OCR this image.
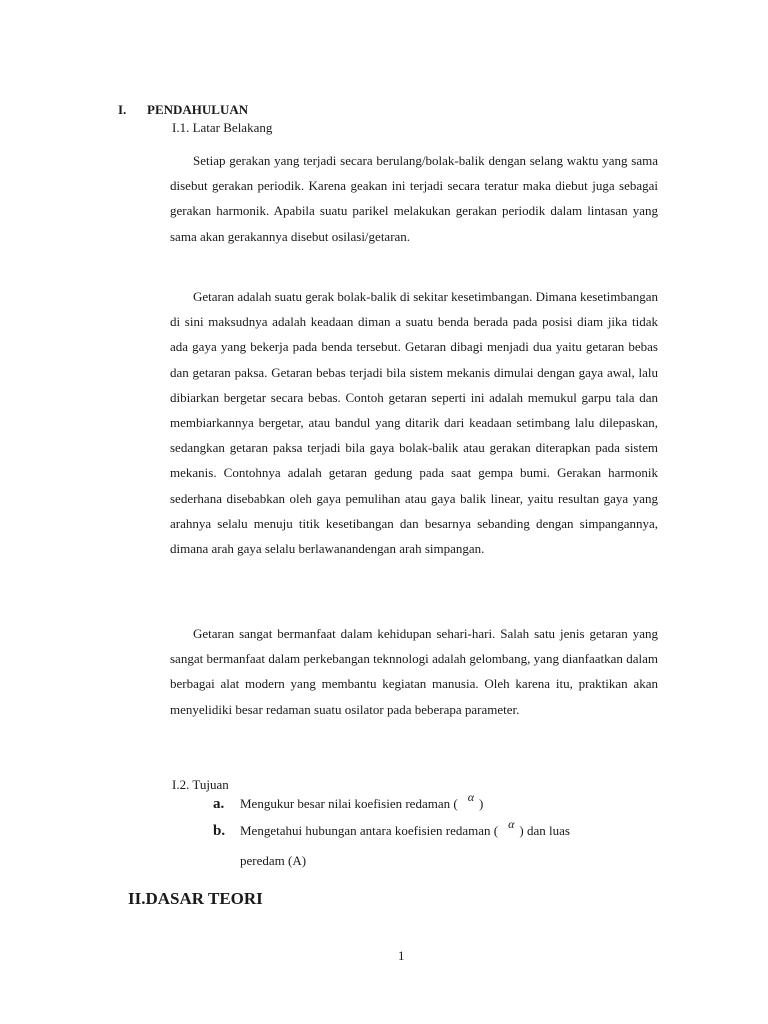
I. PENDAHULUAN
I.1. Latar Belakang

Setiap gerakan yang terjadi secara berulang/bolak-balik dengan selang waktu yang sama disebut gerakan periodik. Karena geakan ini terjadi secara teratur maka diebut juga sebagai gerakan harmonik. Apabila suatu parikel melakukan gerakan periodik dalam lintasan yang sama akan gerakannya disebut osilasi/getaran.

Getaran adalah suatu gerak bolak-balik di sekitar kesetimbangan. Dimana kesetimbangan di sini maksudnya adalah keadaan diman a suatu benda berada pada posisi diam jika tidak ada gaya yang bekerja pada benda tersebut. Getaran dibagi menjadi dua yaitu getaran bebas dan getaran paksa. Getaran bebas terjadi bila sistem mekanis dimulai dengan gaya awal, lalu dibiarkan bergetar secara bebas. Contoh getaran seperti ini adalah memukul garpu tala dan membiarkannya bergetar, atau bandul yang ditarik dari keadaan setimbang lalu dilepaskan, sedangkan getaran paksa terjadi bila gaya bolak-balik atau gerakan diterapkan pada sistem mekanis. Contohnya adalah getaran gedung pada saat gempa bumi. Gerakan harmonik sederhana disebabkan oleh gaya pemulihan atau gaya balik linear, yaitu resultan gaya yang arahnya selalu menuju titik kesetibangan dan besarnya sebanding dengan simpangannya, dimana arah gaya selalu berlawanandengan arah simpangan.

Getaran sangat bermanfaat dalam kehidupan sehari-hari. Salah satu jenis getaran yang sangat bermanfaat dalam perkebangan teknnologi adalah gelombang, yang dianfaatkan dalam berbagai alat modern yang membantu kegiatan manusia. Oleh karena itu, praktikan akan menyelidiki besar redaman suatu osilator pada beberapa parameter.

I.2. Tujuan
a. Mengukur besar nilai koefisien redaman ( α )
b. Mengetahui hubungan antara koefisien redaman ( α ) dan luas
peredam (A)
II.DASAR TEORI
1
